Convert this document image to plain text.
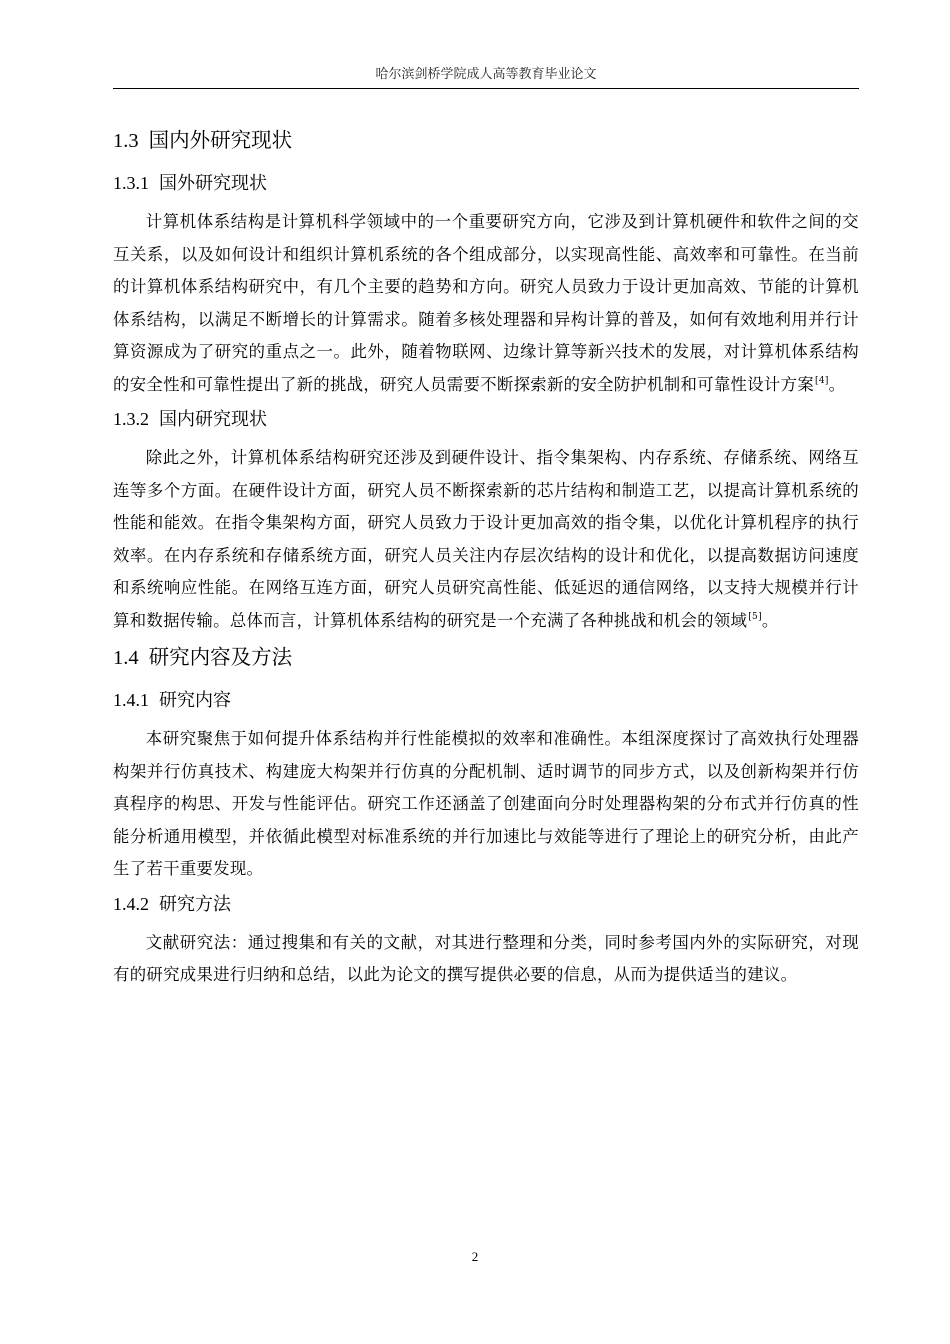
哈尔滨剑桥学院成人高等教育毕业论文
1.3 国内外研究现状
1.3.1 国外研究现状

计算机体系结构是计算机科学领域中的一个重要研究方向，它涉及到计算机硬件和软件之间的交互关系，以及如何设计和组织计算机系统的各个组成部分，以实现高性能、高效率和可靠性。在当前的计算机体系结构研究中，有几个主要的趋势和方向。研究人员致力于设计更加高效、节能的计算机体系结构，以满足不断增长的计算需求。随着多核处理器和异构计算的普及，如何有效地利用并行计算资源成为了研究的重点之一。此外，随着物联网、边缘计算等新兴技术的发展，对计算机体系结构的安全性和可靠性提出了新的挑战，研究人员需要不断探索新的安全防护机制和可靠性设计方案[4]。

1.3.2 国内研究现状

除此之外，计算机体系结构研究还涉及到硬件设计、指令集架构、内存系统、存储系统、网络互连等多个方面。在硬件设计方面，研究人员不断探索新的芯片结构和制造工艺，以提高计算机系统的性能和能效。在指令集架构方面，研究人员致力于设计更加高效的指令集，以优化计算机程序的执行效率。在内存系统和存储系统方面，研究人员关注内存层次结构的设计和优化，以提高数据访问速度和系统响应性能。在网络互连方面，研究人员研究高性能、低延迟的通信网络，以支持大规模并行计算和数据传输。总体而言，计算机体系结构的研究是一个充满了各种挑战和机会的领域[5]。

1.4 研究内容及方法
1.4.1 研究内容

本研究聚焦于如何提升体系结构并行性能模拟的效率和准确性。本组深度探讨了高效执行处理器构架并行仿真技术、构建庞大构架并行仿真的分配机制、适时调节的同步方式，以及创新构架并行仿真程序的构思、开发与性能评估。研究工作还涵盖了创建面向分时处理器构架的分布式并行仿真的性能分析通用模型，并依循此模型对标准系统的并行加速比与效能等进行了理论上的研究分析，由此产生了若干重要发现。

1.4.2 研究方法

文献研究法：通过搜集和有关的文献，对其进行整理和分类，同时参考国内外的实际研究，对现有的研究成果进行归纳和总结，以此为论文的撰写提供必要的信息，从而为提供适当的建议。

2
